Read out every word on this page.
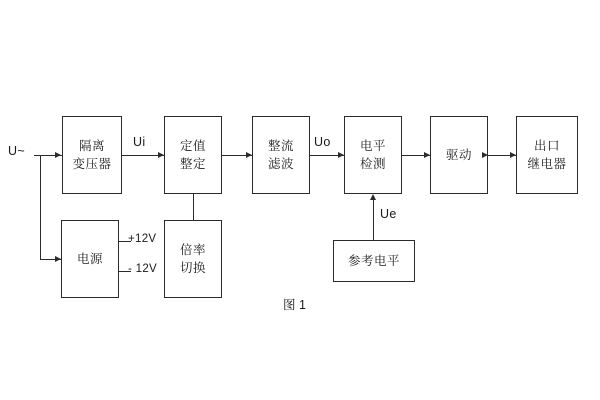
U~	隔离
变压器
Ui	定值
整定
整流
滤波
Uo 电平
检测
驱动
出口
继电器
电源
+12V
- 12V
倍率
切换
参考电平
Ue
图 1
